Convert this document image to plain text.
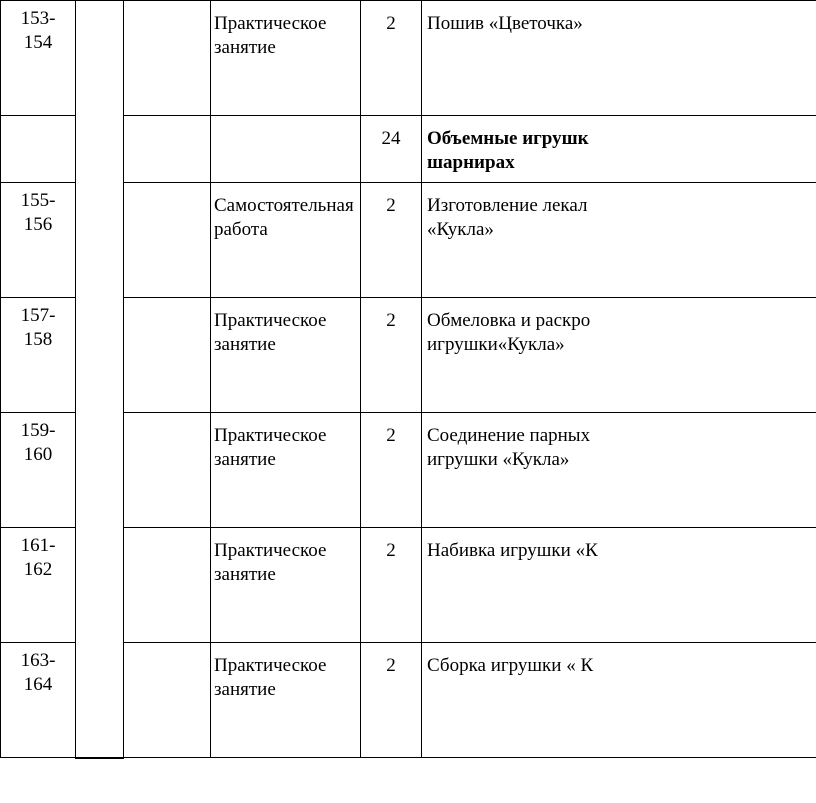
153-
154			Практическое занятие	2	Пошив «Цветочка»

				24	Объемные игрушк
шарнирах

155-
156			Самостоятельная работа	2	Изготовление лекал
«Кукла»

157-
158			Практическое занятие	2	Обмеловка и раскро
игрушки«Кукла»

159-
160			Практическое занятие	2	Соединение парных
игрушки «Кукла»

161-
162			Практическое занятие	2	Набивка игрушки «К

163-
164			Практическое занятие	2	Сборка игрушки « К
